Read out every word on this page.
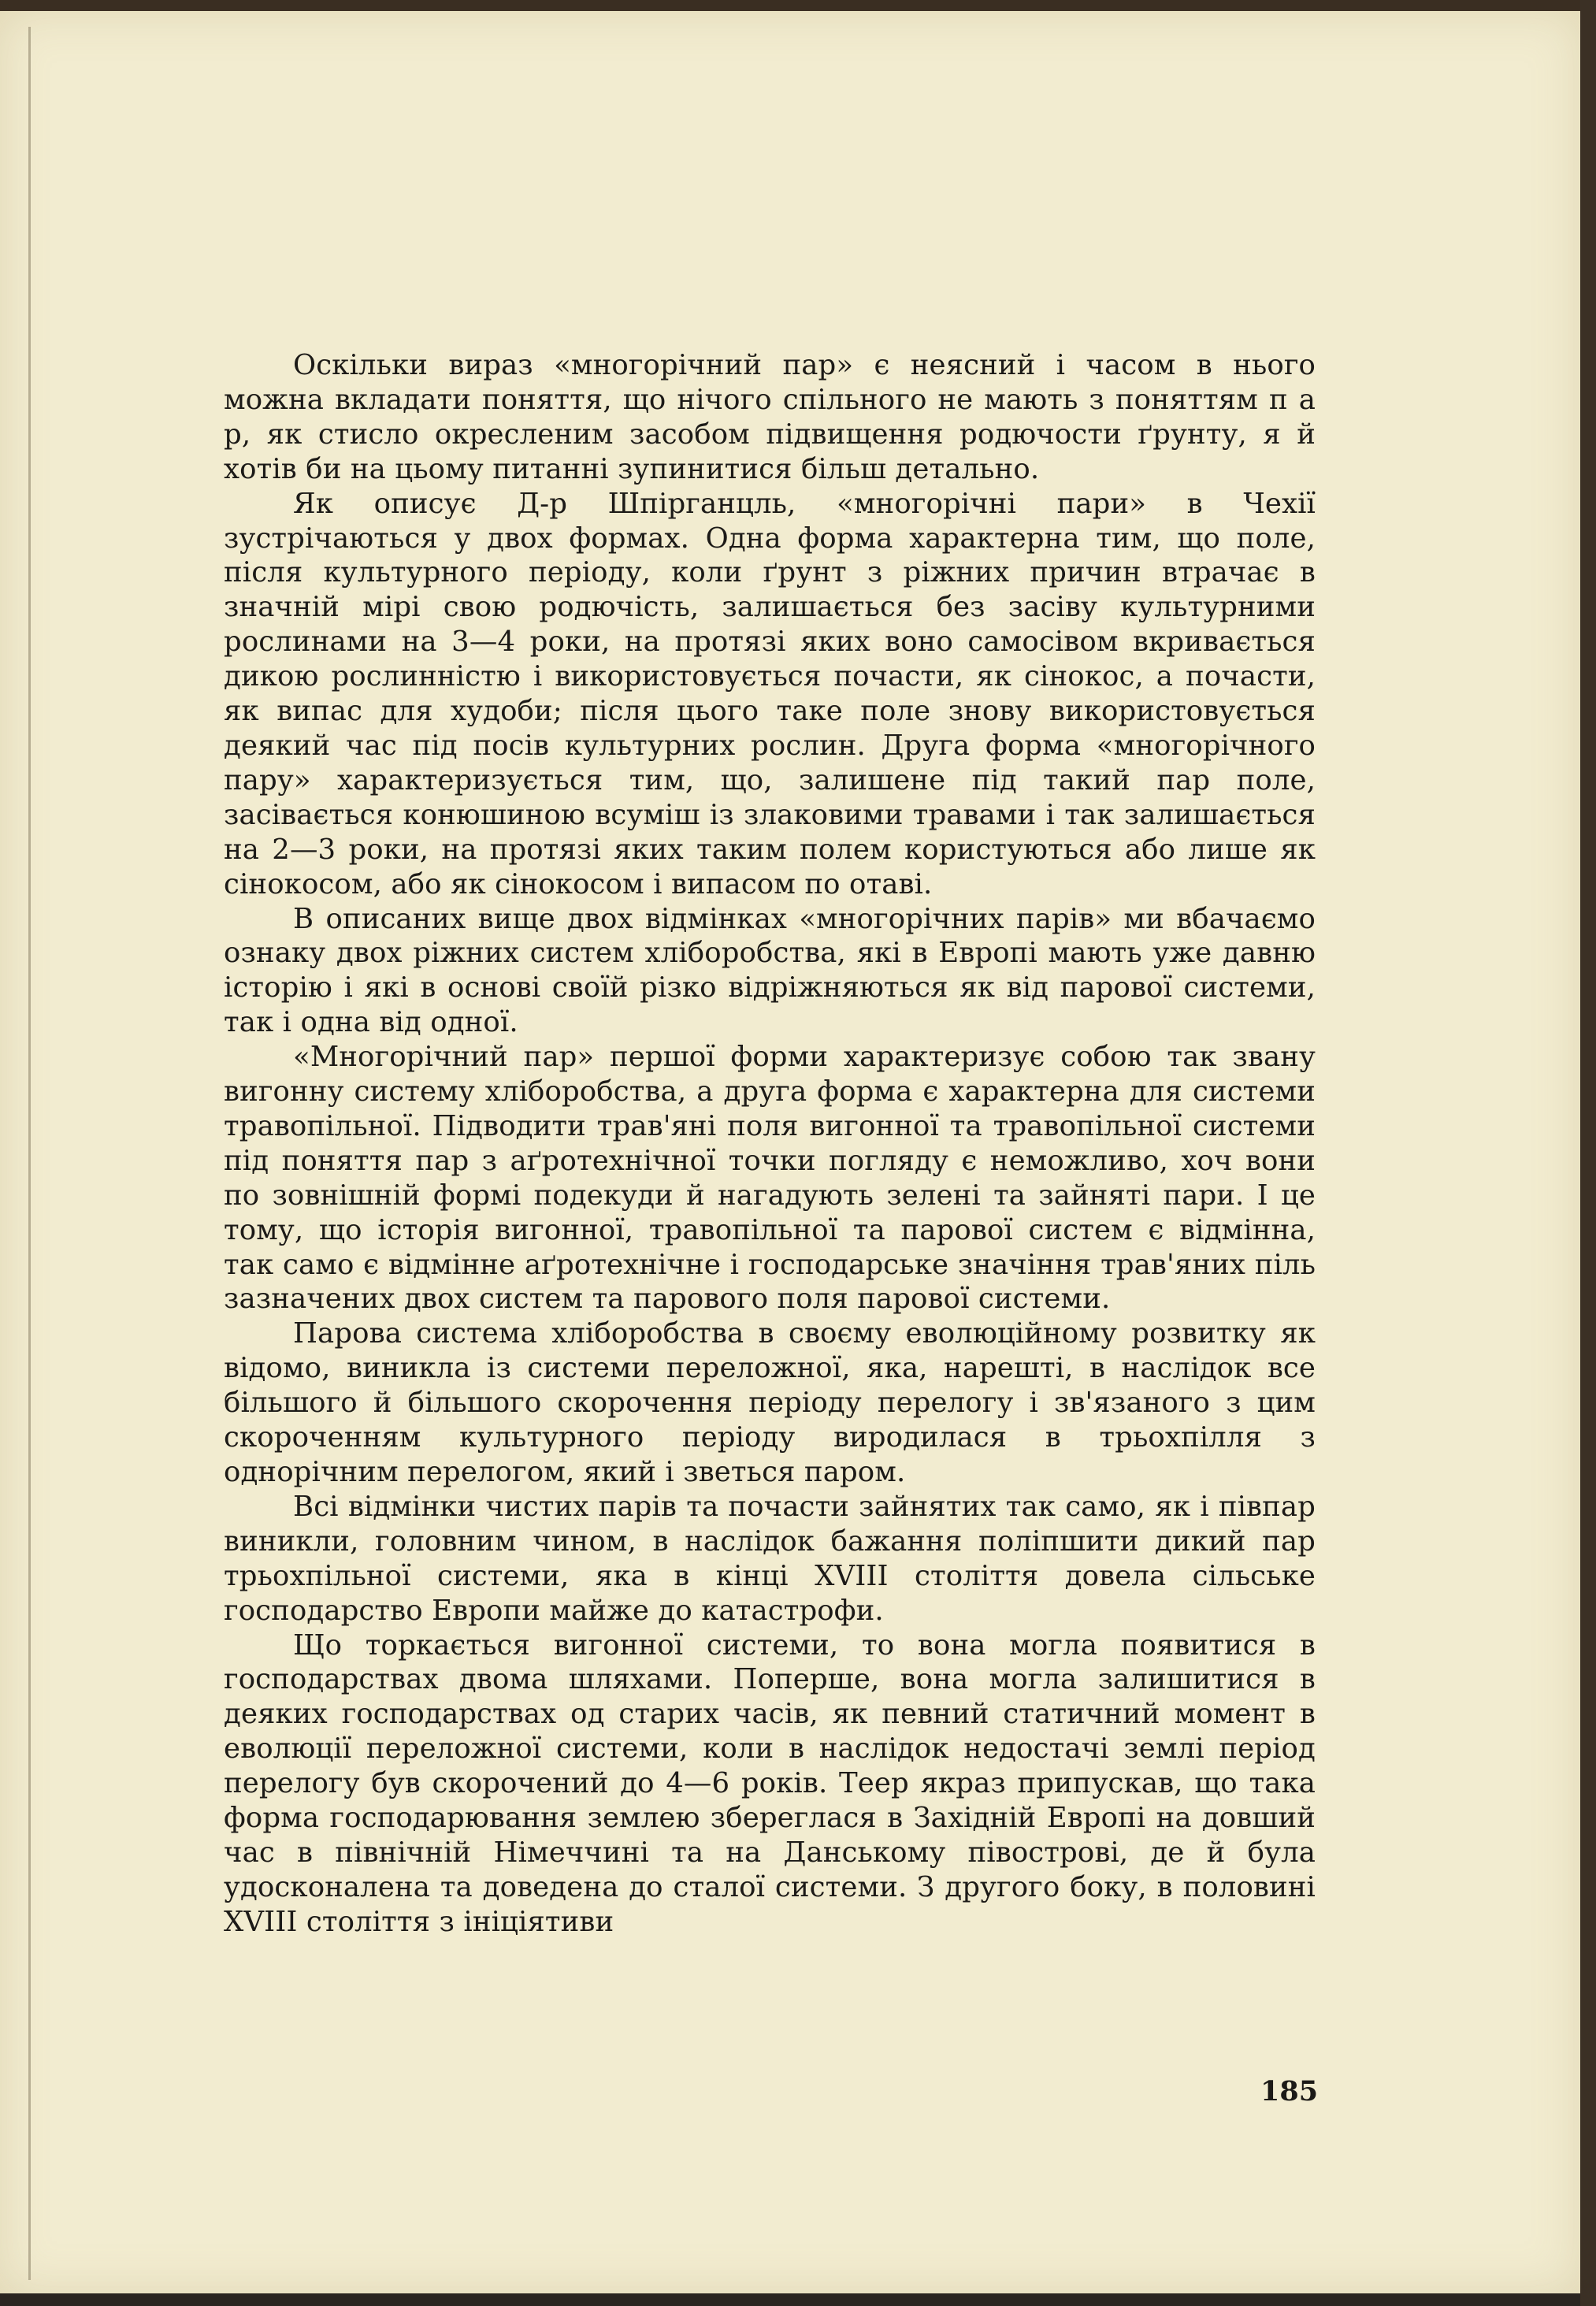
Оскільки вираз «многорічний пар» є неясний і часом в нього можна вкладати поняття, що нічого спільного не мають з поняттям п а р, як стисло окресленим засобом підвищення родючости ґрунту, я й хотів би на цьому питанні зупинитися більш детально.

Як описує Д-р Шпірганцль, «многорічні пари» в Чехії зустрічаються у двох формах. Одна форма характерна тим, що поле, після культурного періоду, коли ґрунт з ріжних причин втрачає в значній мірі свою родючість, залишається без засіву культурними рослинами на 3—4 роки, на протязі яких воно самосівом вкривається дикою рослинністю і використовується почасти, як сінокос, а почасти, як випас для худоби; після цього таке поле знову використовується деякий час під посів культурних рослин. Друга форма «многорічного пару» характеризується тим, що, залишене під такий пар поле, засівається конюшиною всуміш із злаковими травами і так залишається на 2—3 роки, на протязі яких таким полем користуються або лише як сінокосом, або як сінокосом і випасом по отаві.

В описаних вище двох відмінках «многорічних парів» ми вбачаємо ознаку двох ріжних систем хліборобства, які в Европі мають уже давню історію і які в основі своїй різко відріжняються як від парової системи, так і одна від одної.

«Многорічний пар» першої форми характеризує собою так звану вигонну систему хліборобства, а друга форма є характерна для системи травопільної. Підводити трав'яні поля вигонної та травопільної системи під поняття пар з аґротехнічної точки погляду є неможливо, хоч вони по зовнішній формі подекуди й нагадують зелені та зайняті пари. І це тому, що історія вигонної, травопільної та парової систем є відмінна, так само є відмінне аґротехнічне і господарське значіння трав'яних піль зазначених двох систем та парового поля парової системи.

Парова система хліборобства в своєму еволюційному розвитку як відомо, виникла із системи переложної, яка, нарешті, в наслідок все більшого й більшого скорочення періоду перелогу і зв'язаного з цим скороченням культурного періоду виродилася в трьохпілля з однорічним перелогом, який і зветься паром.

Всі відмінки чистих парів та почасти зайнятих так само, як і півпар виникли, головним чином, в наслідок бажання поліпшити дикий пар трьохпільної системи, яка в кінці XVIII століття довела сільське господарство Европи майже до катастрофи.

Що торкається вигонної системи, то вона могла появитися в господарствах двома шляхами. Поперше, вона могла залишитися в деяких господарствах од старих часів, як певний статичний момент в еволюції переложної системи, коли в наслідок недостачі землі період перелогу був скорочений до 4—6 років. Теер якраз припускав, що така форма господарювання землею збереглася в Західній Европі на довший час в північній Німеччині та на Данському півострові, де й була удосконалена та доведена до сталої системи. З другого боку, в половині XVIII століття з ініціятиви

185
